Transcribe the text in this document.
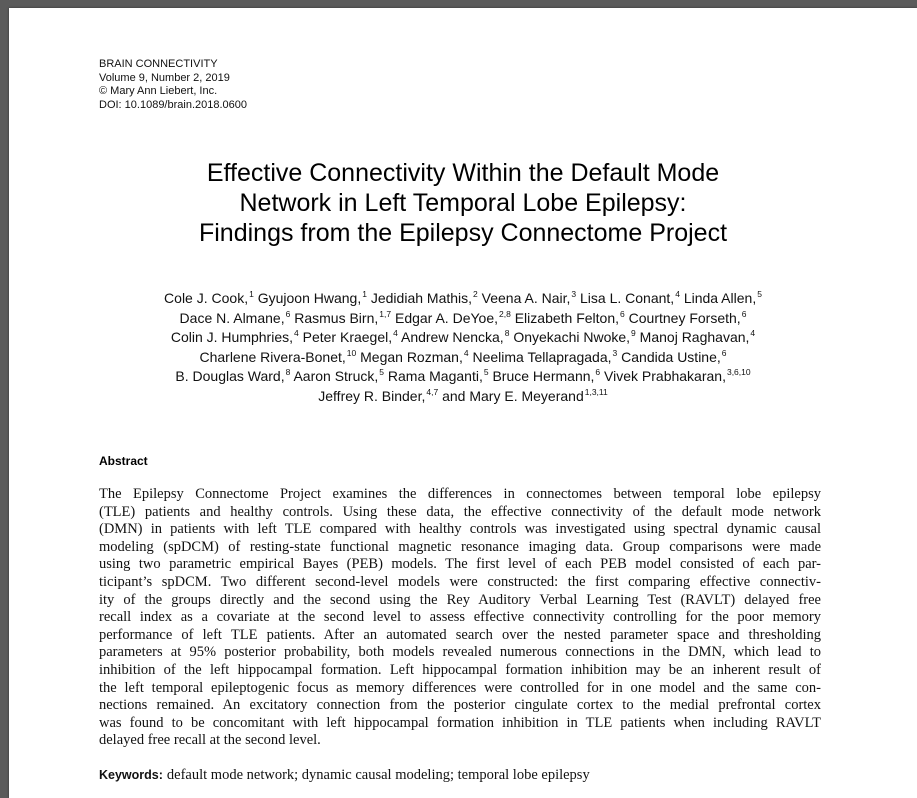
BRAIN CONNECTIVITY
Volume 9, Number 2, 2019
© Mary Ann Liebert, Inc.
DOI: 10.1089/brain.2018.0600
Effective Connectivity Within the Default Mode
Network in Left Temporal Lobe Epilepsy:
Findings from the Epilepsy Connectome Project
Cole J. Cook,$^1$ Gyujoon Hwang,$^1$ Jedidiah Mathis,$^2$ Veena A. Nair,$^3$ Lisa L. Conant,$^4$ Linda Allen,$^5$
Dace N. Almane,$^6$ Rasmus Birn,$^{1,7}$ Edgar A. DeYoe,$^{2,8}$ Elizabeth Felton,$^6$ Courtney Forseth,$^6$
Colin J. Humphries,$^4$ Peter Kraegel,$^4$ Andrew Nencka,$^8$ Onyekachi Nwoke,$^9$ Manoj Raghavan,$^4$
Charlene Rivera-Bonet,$^{10}$ Megan Rozman,$^4$ Neelima Tellapragada,$^3$ Candida Ustine,$^6$
B. Douglas Ward,$^8$ Aaron Struck,$^5$ Rama Maganti,$^5$ Bruce Hermann,$^6$ Vivek Prabhakaran,$^{3,6,10}$
Jeffrey R. Binder,$^{4,7}$ and Mary E. Meyerand$^{1,3,11}$
Abstract
The Epilepsy Connectome Project examines the differences in connectomes between temporal lobe epilepsy
(TLE) patients and healthy controls. Using these data, the effective connectivity of the default mode network
(DMN) in patients with left TLE compared with healthy controls was investigated using spectral dynamic causal
modeling (spDCM) of resting-state functional magnetic resonance imaging data. Group comparisons were made
using two parametric empirical Bayes (PEB) models. The first level of each PEB model consisted of each par-
ticipant’s spDCM. Two different second-level models were constructed: the first comparing effective connectiv-
ity of the groups directly and the second using the Rey Auditory Verbal Learning Test (RAVLT) delayed free
recall index as a covariate at the second level to assess effective connectivity controlling for the poor memory
performance of left TLE patients. After an automated search over the nested parameter space and thresholding
parameters at 95% posterior probability, both models revealed numerous connections in the DMN, which lead to
inhibition of the left hippocampal formation. Left hippocampal formation inhibition may be an inherent result of
the left temporal epileptogenic focus as memory differences were controlled for in one model and the same con-
nections remained. An excitatory connection from the posterior cingulate cortex to the medial prefrontal cortex
was found to be concomitant with left hippocampal formation inhibition in TLE patients when including RAVLT
delayed free recall at the second level.
Keywords: default mode network; dynamic causal modeling; temporal lobe epilepsy
